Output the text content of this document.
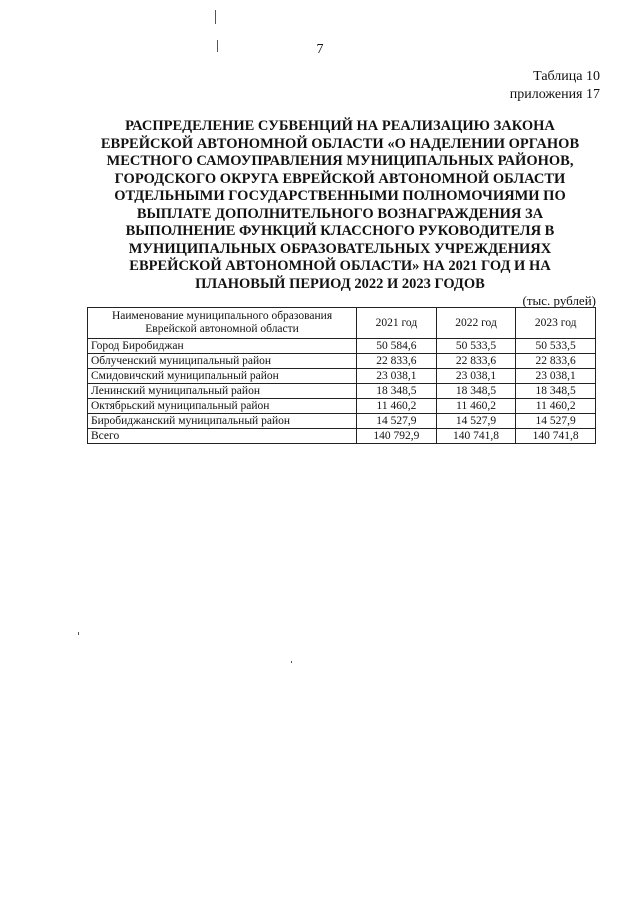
7
Таблица 10
приложения 17
РАСПРЕДЕЛЕНИЕ СУБВЕНЦИЙ НА РЕАЛИЗАЦИЮ ЗАКОНА ЕВРЕЙСКОЙ АВТОНОМНОЙ ОБЛАСТИ «О НАДЕЛЕНИИ ОРГАНОВ МЕСТНОГО САМОУПРАВЛЕНИЯ МУНИЦИПАЛЬНЫХ РАЙОНОВ, ГОРОДСКОГО ОКРУГА ЕВРЕЙСКОЙ АВТОНОМНОЙ ОБЛАСТИ ОТДЕЛЬНЫМИ ГОСУДАРСТВЕННЫМИ ПОЛНОМОЧИЯМИ ПО ВЫПЛАТЕ ДОПОЛНИТЕЛЬНОГО ВОЗНАГРАЖДЕНИЯ ЗА ВЫПОЛНЕНИЕ ФУНКЦИЙ КЛАССНОГО РУКОВОДИТЕЛЯ В МУНИЦИПАЛЬНЫХ ОБРАЗОВАТЕЛЬНЫХ УЧРЕЖДЕНИЯХ ЕВРЕЙСКОЙ АВТОНОМНОЙ ОБЛАСТИ» НА 2021 ГОД И НА ПЛАНОВЫЙ ПЕРИОД 2022 И 2023 ГОДОВ
(тыс. рублей)
Наименование муниципального образования
Еврейской автономной области	2021 год	2022 год	2023 год
Город Биробиджан	50 584,6	50 533,5	50 533,5
Облученский муниципальный район	22 833,6	22 833,6	22 833,6
Смидовичский муниципальный район	23 038,1	23 038,1	23 038,1
Ленинский муниципальный район	18 348,5	18 348,5	18 348,5
Октябрьский муниципальный район	11 460,2	11 460,2	11 460,2
Биробиджанский муниципальный район	14 527,9	14 527,9	14 527,9
Всего	140 792,9	140 741,8	140 741,8
